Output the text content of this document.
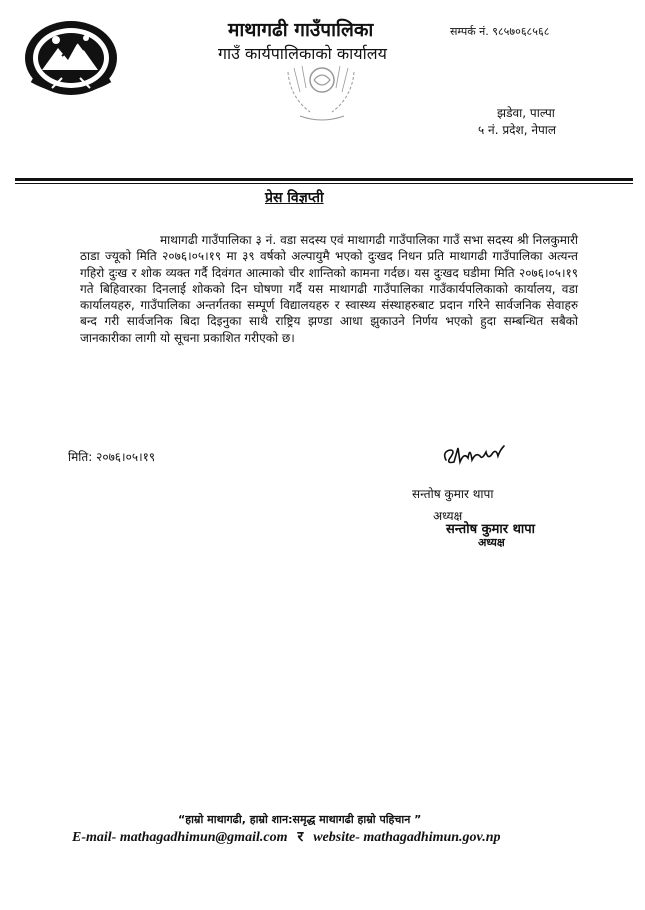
माथागढी गाउँपालिका
गाउँ कार्यपालिकाको कार्यालय
सम्पर्क नं. ९८५७०६८५६८
झडेवा, पाल्पा
५ नं. प्रदेश, नेपाल
प्रेस विज्ञप्ती
माथागढी गाउँपालिका ३ नं. वडा सदस्य एवं माथागढी गाउँपालिका गाउँ सभा सदस्य श्री निलकुमारी ठाडा ज्यूको मिति २०७६।०५।१९ मा ३९ वर्षको अल्पायुमै भएको दुःखद निधन प्रति माथागढी गाउँपालिका अत्यन्त गहिरो दुःख र शोक व्यक्त गर्दै दिवंगत आत्माको चीर शान्तिको कामना गर्दछ। यस दुःखद घडीमा मिति २०७६।०५।१९ गते बिहिवारका दिनलाई शोकको दिन घोषणा गर्दै यस माथागढी गाउँपालिका गाउँकार्यपलिकाको कार्यालय, वडा कार्यालयहरु, गाउँपालिका अन्तर्गतका सम्पूर्ण विद्यालयहरु र स्वास्थ्य संस्थाहरुबाट प्रदान गरिने सार्वजनिक सेवाहरु बन्द गरी सार्वजनिक बिदा दिइनुका साथै राष्ट्रिय झण्डा आधा झुकाउने निर्णय भएको हुदा सम्बन्धित सबैको जानकारीका लागी यो सूचना प्रकाशित गरीएको छ।
मिति: २०७६।०५।१९
सन्तोष कुमार थापा
अध्यक्ष
सन्तोष कुमार थापा
अध्यक्ष
“हाम्रो माथागढी, हाम्रो शान:समृद्ध माथागढी हाम्रो पहिचान ”
E-mail- mathagadhimun@gmail.com र website- mathagadhimun.gov.np
